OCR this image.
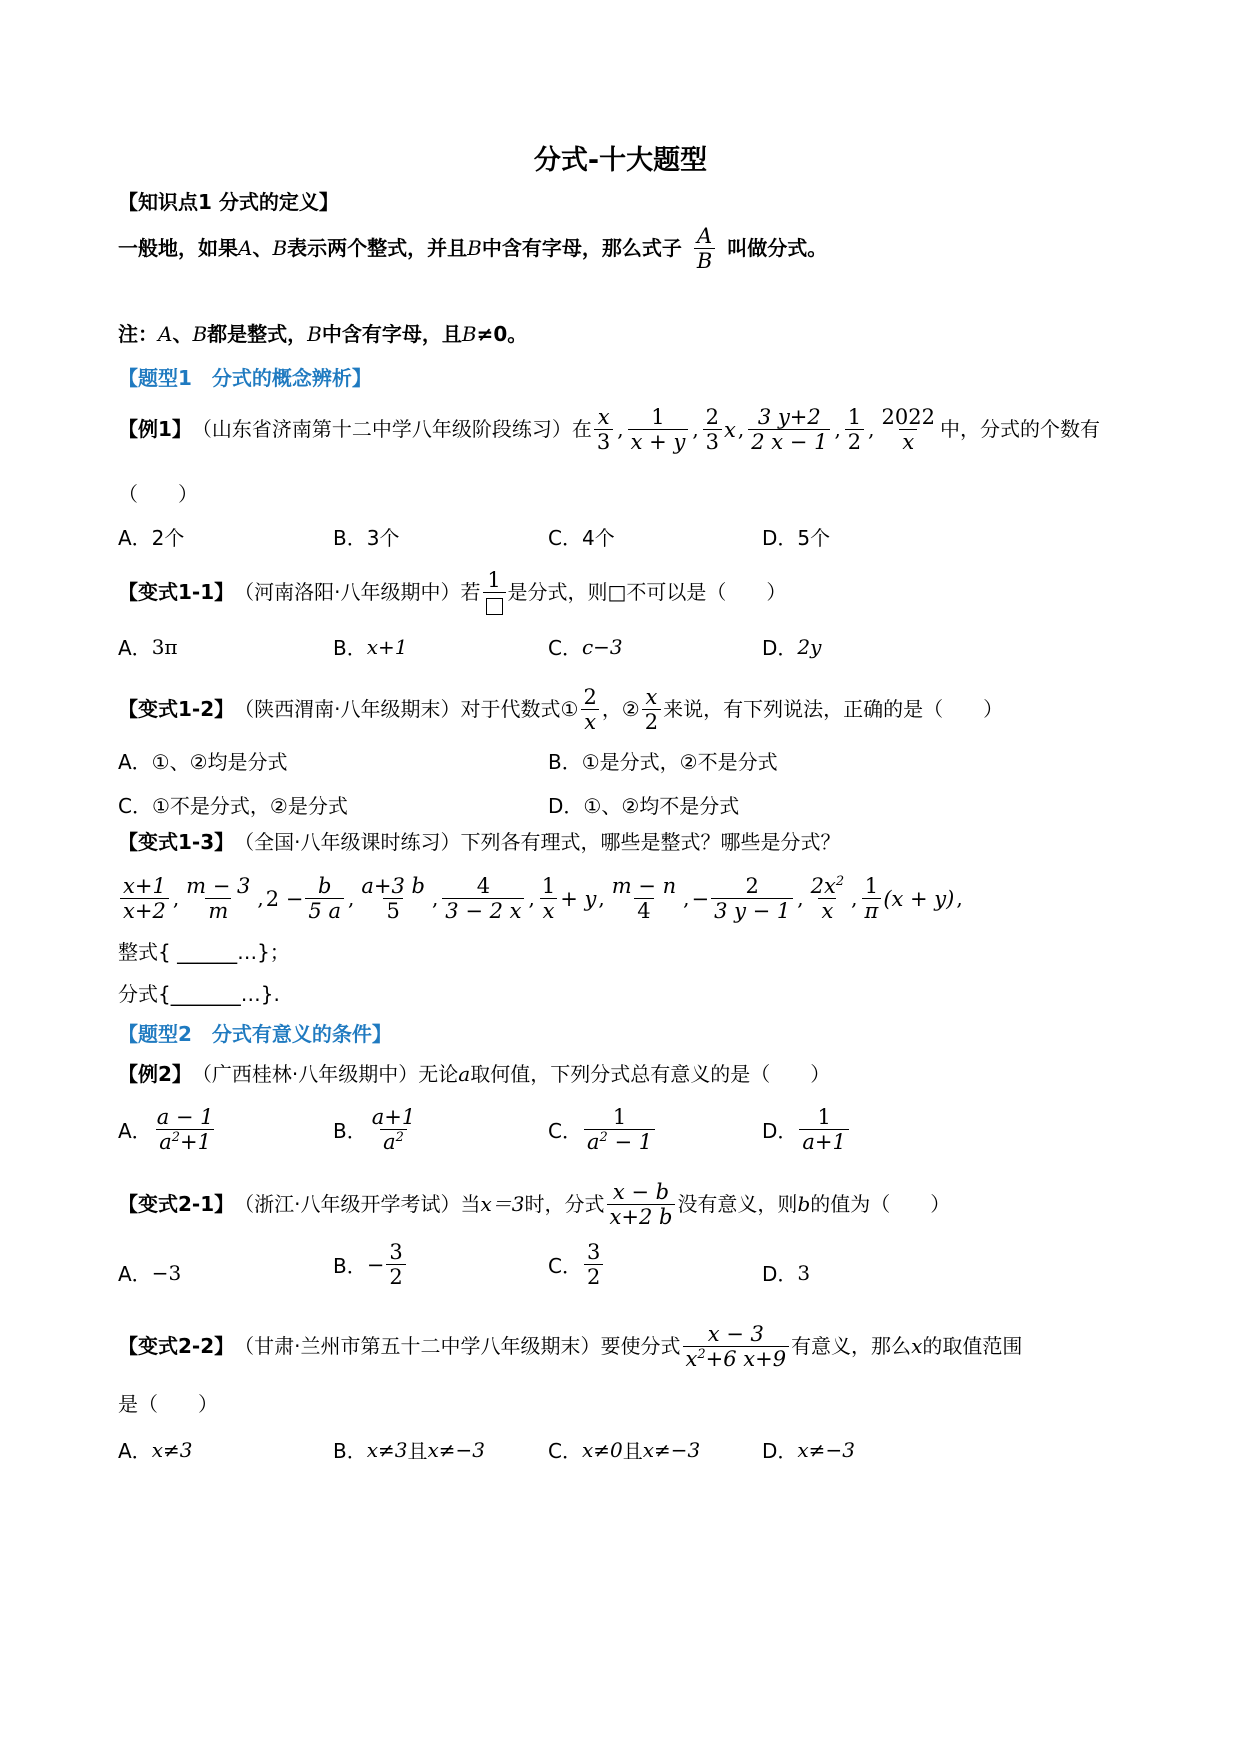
分式-十大题型
【知识点1 分式的定义】
一般地，如果 A 、 B 表示两个整式，并且 B 中含有字母，那么式子 $\frac{A}{B}$ 叫做分式。
注： A 、 B 都是整式， B 中含有字母，且 B ≠0。
【题型1　分式的概念辨析】
【例1】 （山东省济南第十二中学八年级阶段练习）在 $\frac{x}{3}$ , $\frac{1}{x + y}$ , $\frac{2}{3}$ x , $\frac{3 y+2}{2 x - 1}$ , $\frac{1}{2}$ , $\frac{2022}{x}$ 中，分式的个数有
（　　）
A．2个	B．3个	C．4个	D．5个
【变式1-1】 （河南洛阳·八年级期中）若
1
是分式，则□不可以是（　　）
A． 3π	B． x+1	C． c−3	D． 2y
【变式1-2】 （陕西渭南·八年级期末）对于代数式① $\frac{2}{x}$ ，② $\frac{x}{2}$ 来说，有下列说法，正确的是（　　）
A．①、②均是分式	B．①是分式，②不是分式
C．①不是分式，②是分式	D．①、②均不是分式
【变式1-3】 （全国·八年级课时练习）下列各有理式，哪些是整式？哪些是分式？
$\frac{x+1}{x+2}$ , $\frac{m - 3}{m}$ , $2 - \frac{b}{5 a}$ , $\frac{a+3 b}{5}$ , $\frac{4}{3 - 2 x}$ , $\frac{1}{x} + y$ , $\frac{m - n}{4}$ , − $\frac{2}{3 y - 1}$ , $\frac{2x^2}{x}$ , $\frac{1}{\pi} (x + y)$ ,
整式{ ______…}；
分式{_______…}.
【题型2　分式有意义的条件】
【例2】 （广西桂林·八年级期中）无论 a 取何值，下列分式总有意义的是（　　）
A． $\frac{a - 1}{a^2+1}$	B． $\frac{a+1}{a^2}$	C． $\frac{1}{a^2 - 1}$	D． $\frac{1}{a+1}$
【变式2-1】 （浙江·八年级开学考试）当 x＝3 时，分式 $\frac{x - b}{x+2 b}$ 没有意义，则 b 的值为（　　）
A． −3	B． − $\frac{3}{2}$	C． $\frac{3}{2}$	D． 3
【变式2-2】 （甘肃·兰州市第五十二中学八年级期末）要使分式 $\frac{x - 3}{x^2+6 x+9}$ 有意义，那么 x 的取值范围
是（　　）
A． x≠3	B． x≠3 且 x≠−3	C． x≠0 且 x≠−3	D． x≠−3
